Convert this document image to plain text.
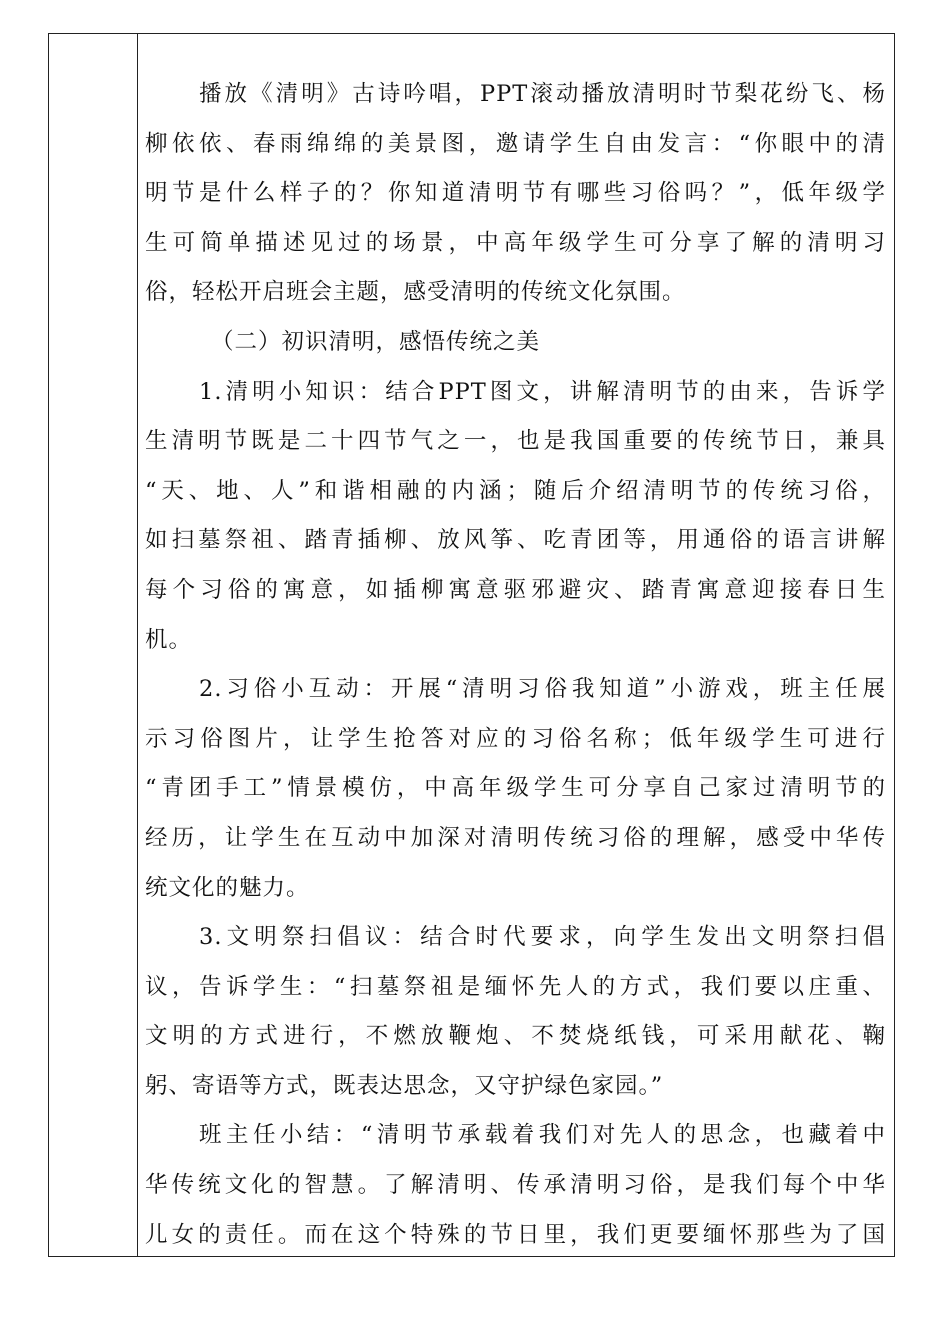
播放《清明》古诗吟唱，PPT滚动播放清明时节梨花纷飞、杨
柳依依、春雨绵绵的美景图，邀请学生自由发言：“你眼中的清
明节是什么样子的？你知道清明节有哪些习俗吗？”，低年级学
生可简单描述见过的场景，中高年级学生可分享了解的清明习
俗，轻松开启班会主题，感受清明的传统文化氛围。
（二）初识清明，感悟传统之美
1.清明小知识：结合PPT图文，讲解清明节的由来，告诉学
生清明节既是二十四节气之一，也是我国重要的传统节日，兼具
“天、地、人”和谐相融的内涵；随后介绍清明节的传统习俗，
如扫墓祭祖、踏青插柳、放风筝、吃青团等，用通俗的语言讲解
每个习俗的寓意，如插柳寓意驱邪避灾、踏青寓意迎接春日生
机。
2.习俗小互动：开展“清明习俗我知道”小游戏，班主任展
示习俗图片，让学生抢答对应的习俗名称；低年级学生可进行
“青团手工”情景模仿，中高年级学生可分享自己家过清明节的
经历，让学生在互动中加深对清明传统习俗的理解，感受中华传
统文化的魅力。
3.文明祭扫倡议：结合时代要求，向学生发出文明祭扫倡
议，告诉学生：“扫墓祭祖是缅怀先人的方式，我们要以庄重、
文明的方式进行，不燃放鞭炮、不焚烧纸钱，可采用献花、鞠
躬、寄语等方式，既表达思念，又守护绿色家园。”
班主任小结：“清明节承载着我们对先人的思念，也藏着中
华传统文化的智慧。了解清明、传承清明习俗，是我们每个中华
儿女的责任。而在这个特殊的节日里，我们更要缅怀那些为了国
